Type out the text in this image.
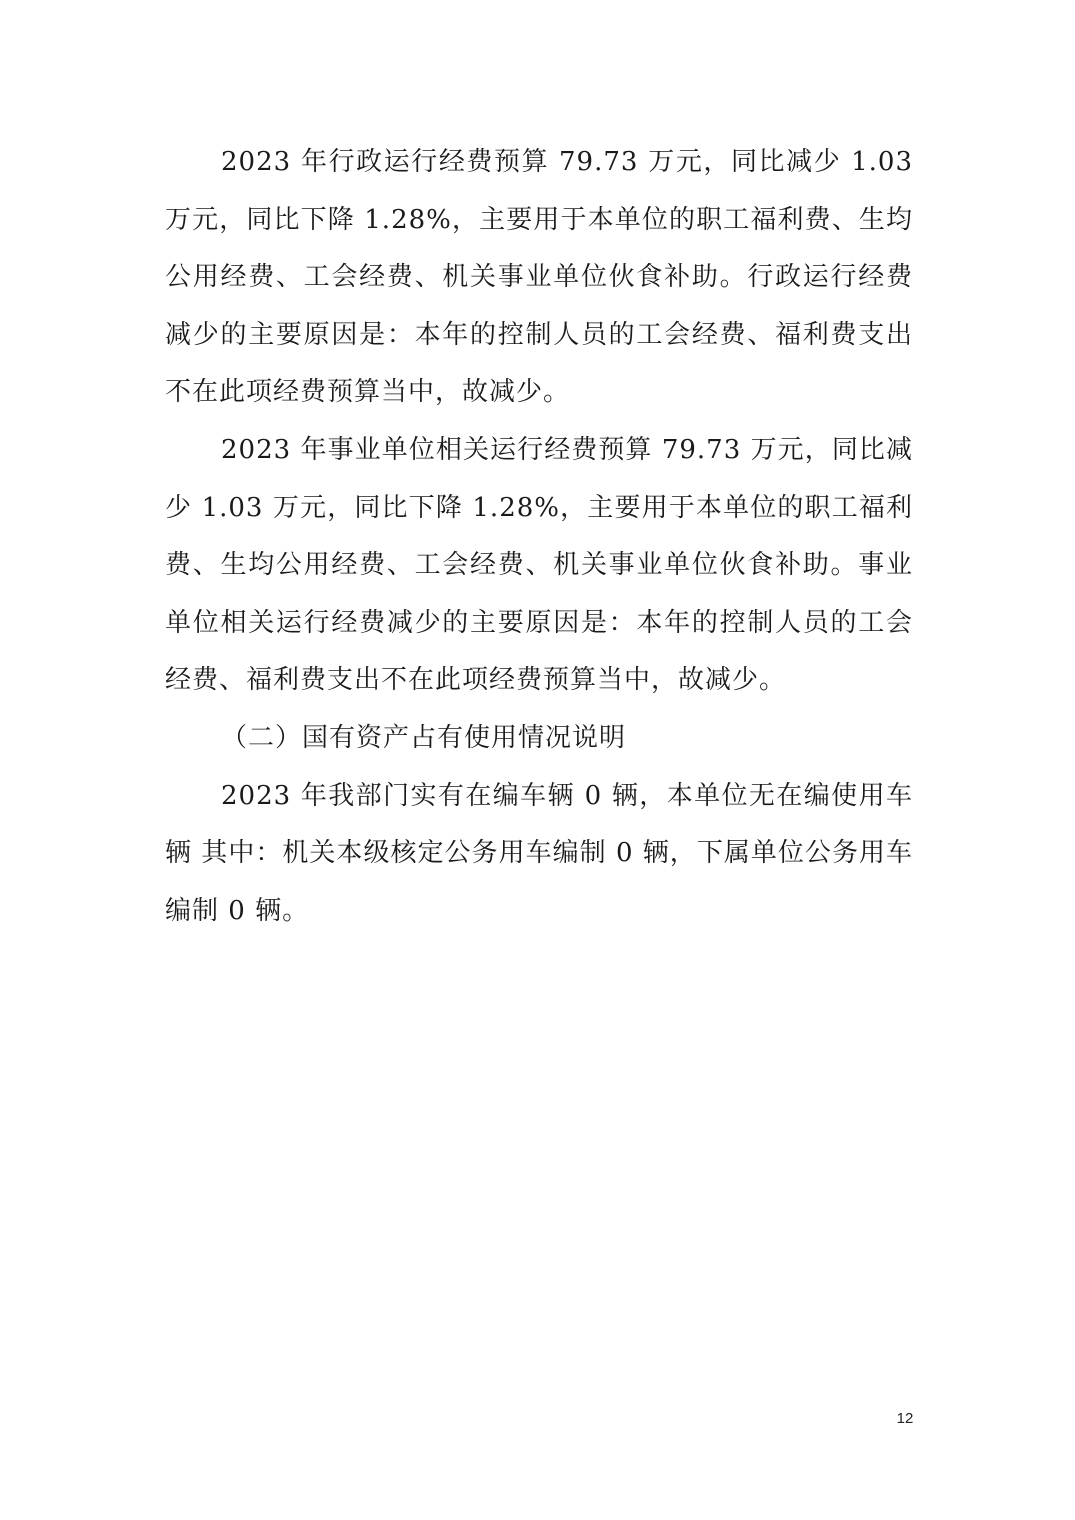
2023 年行政运行经费预算 79.73 万元，同比减少 1.03 万元，同比下降 1.28%，主要用于本单位的职工福利费、生均公用经费、工会经费、机关事业单位伙食补助。行政运行经费减少的主要原因是：本年的控制人员的工会经费、福利费支出不在此项经费预算当中，故减少。

2023 年事业单位相关运行经费预算 79.73 万元，同比减少 1.03 万元，同比下降 1.28%，主要用于本单位的职工福利费、生均公用经费、工会经费、机关事业单位伙食补助。事业单位相关运行经费减少的主要原因是：本年的控制人员的工会经费、福利费支出不在此项经费预算当中，故减少。

（二）国有资产占有使用情况说明

2023 年我部门实有在编车辆 0 辆，本单位无在编使用车辆 其中：机关本级核定公务用车编制 0 辆，下属单位公务用车编制 0 辆。

12
